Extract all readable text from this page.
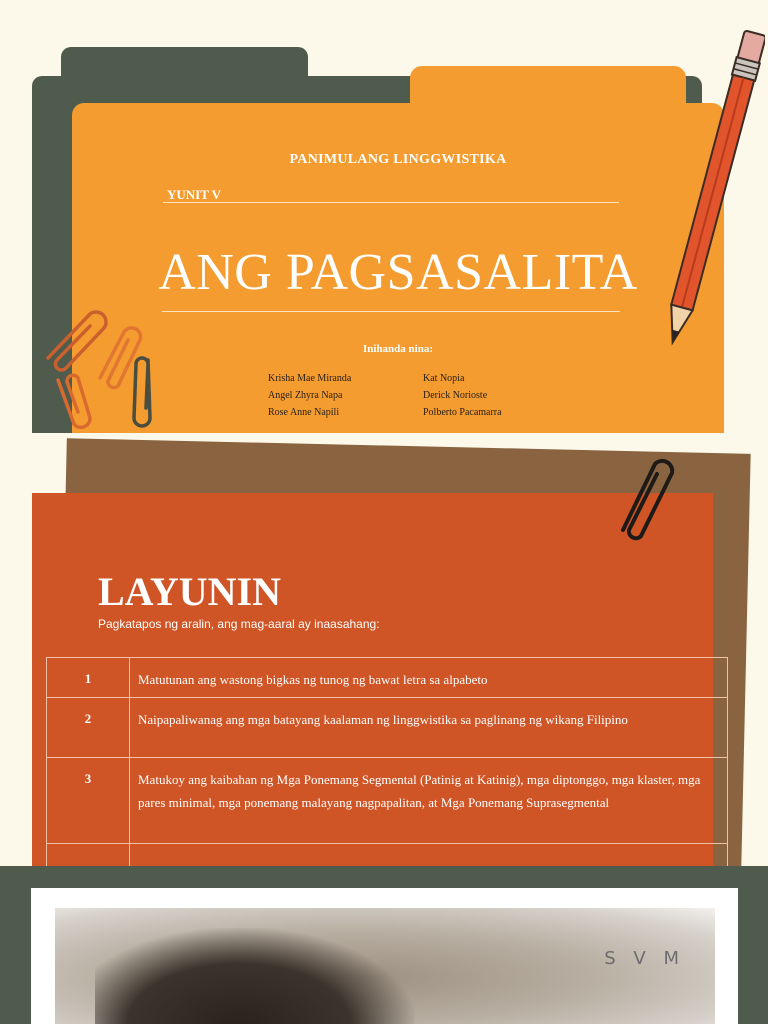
PANIMULANG LINGGWISTIKA
YUNIT V
ANG PAGSASALITA
Inihanda nina:
Krisha Mae Miranda
Angel Zhyra Napa
Rose Anne Napili
Kat Nopia
Derick Norioste
Polberto Pacamarra
LAYUNIN
Pagkatapos ng aralin, ang mag-aaral ay inaasahang:
1	Matutunan ang wastong bigkas ng tunog ng bawat letra sa alpabeto
2	Naipapaliwanag ang mga batayang kaalaman ng linggwistika sa paglinang ng wikang Filipino
3	Matukoy ang kaibahan ng Mga Ponemang Segmental (Patinig at Katinig), mga diptonggo, mga klaster, mga pares minimal, mga ponemang malayang nagpapalitan, at Mga Ponemang Suprasegmental

S V M
